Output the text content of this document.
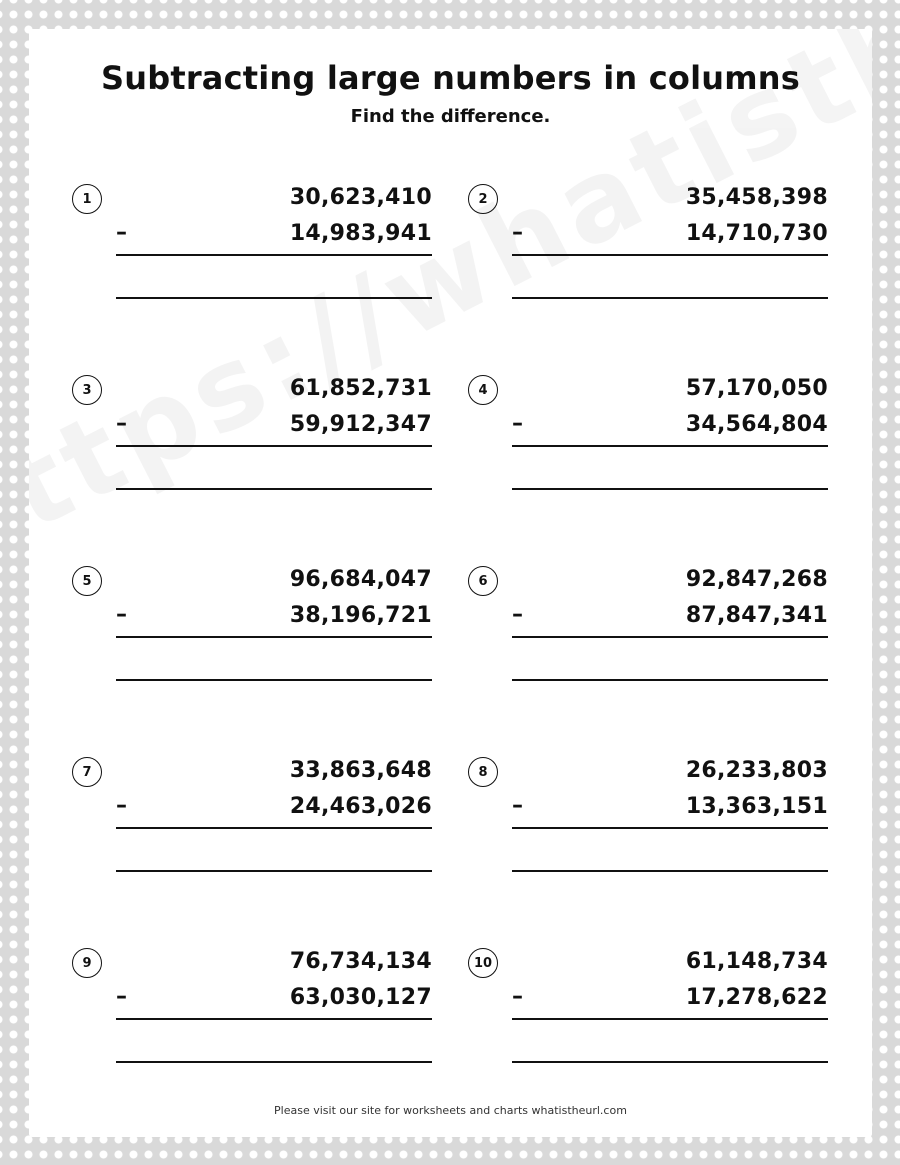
Subtracting large numbers in columns
Find the difference.
1	30,623,410
–	14,983,941
2	35,458,398
–	14,710,730
3	61,852,731
–	59,912,347
4	57,170,050
–	34,564,804
5	96,684,047
–	38,196,721
6	92,847,268
–	87,847,341
7	33,863,648
–	24,463,026
8	26,233,803
–	13,363,151
9	76,734,134
–	63,030,127
10	61,148,734
–	17,278,622
Please visit our site for worksheets and charts whatistheurl.com
